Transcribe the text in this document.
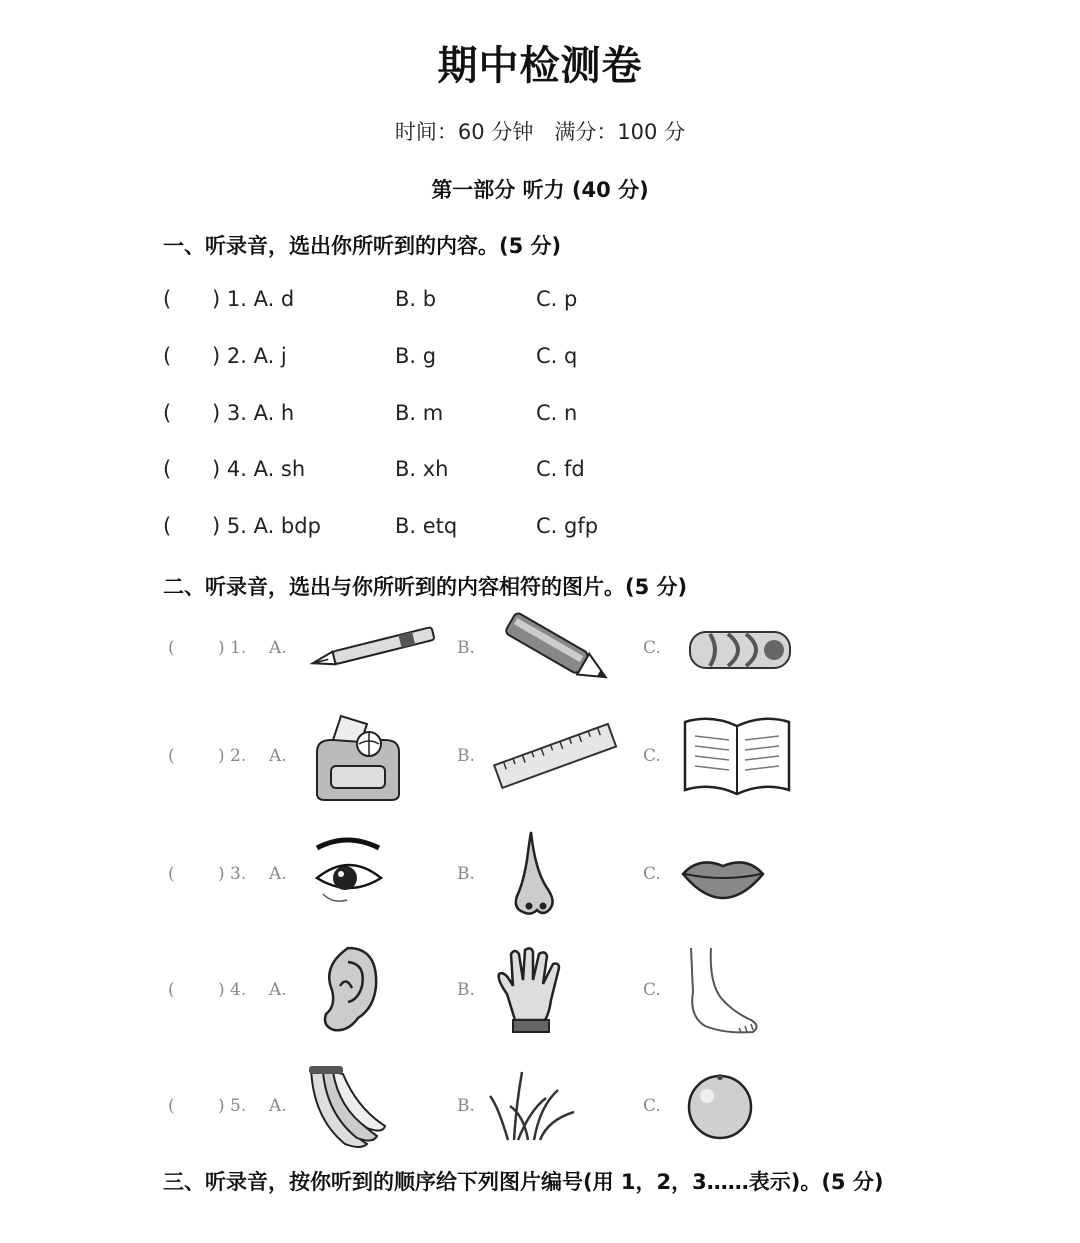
期中检测卷
时间：60 分钟　满分：100 分
第一部分 听力 (40 分)
一、听录音，选出你所听到的内容。(5 分)
( ) 1. A. d	B. b	C. p
( ) 2. A. j	B. g	C. q
( ) 3. A. h	B. m	C. n
( ) 4. A. sh	B. xh	C. fd
( ) 5. A. bdp	B. etq	C. gfp
二、听录音，选出与你所听到的内容相符的图片。(5 分)
(	) 1. A.	B.	C.
(	) 2. A.	B.	C.
(	) 3. A.	B.	C.
(	) 4. A.	B.	C.
(	) 5. A.	B.	C.
三、听录音，按你听到的顺序给下列图片编号(用 1，2，3……表示)。(5 分)
